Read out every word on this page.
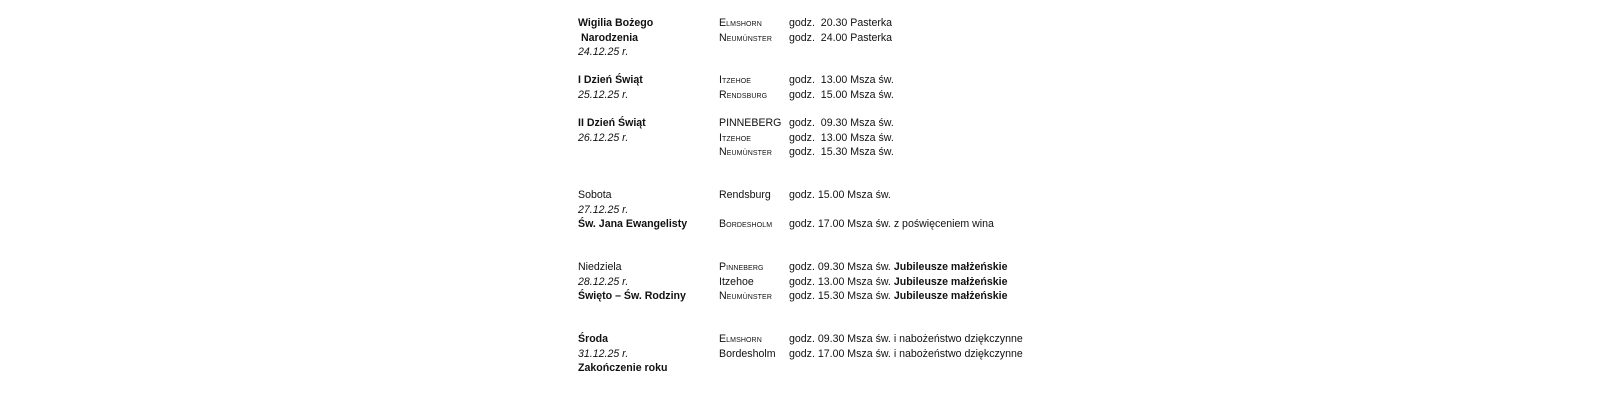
Wigilia Bożego
Narodzenia
24.12.25 r.
Elmshorn
Neumünster
godz.  20.30 Pasterka
godz.  24.00 Pasterka
I Dzień Świąt
25.12.25 r.
Itzehoe
Rendsburg
godz.  13.00 Msza św.
godz.  15.00 Msza św.
II Dzień Świąt
26.12.25 r.
PINNEBERG
Itzehoe
Neumünster
godz.  09.30 Msza św.
godz.  13.00 Msza św.
godz.  15.30 Msza św.
Sobota
27.12.25 r.
Św. Jana Ewangelisty
Rendsburg
Bordesholm
godz. 15.00 Msza św.
godz. 17.00 Msza św. z poświęceniem wina
Niedziela
28.12.25 r.
Święto – Św. Rodziny
Pinneberg
Itzehoe
Neumünster
godz. 09.30 Msza św. Jubileusze małżeńskie
godz. 13.00 Msza św. Jubileusze małżeńskie
godz. 15.30 Msza św. Jubileusze małżeńskie
Środa
31.12.25 r.
Zakończenie roku
Elmshorn
Bordesholm
godz. 09.30 Msza św. i nabożeństwo dziękczynne
godz. 17.00 Msza św. i nabożeństwo dziękczynne
